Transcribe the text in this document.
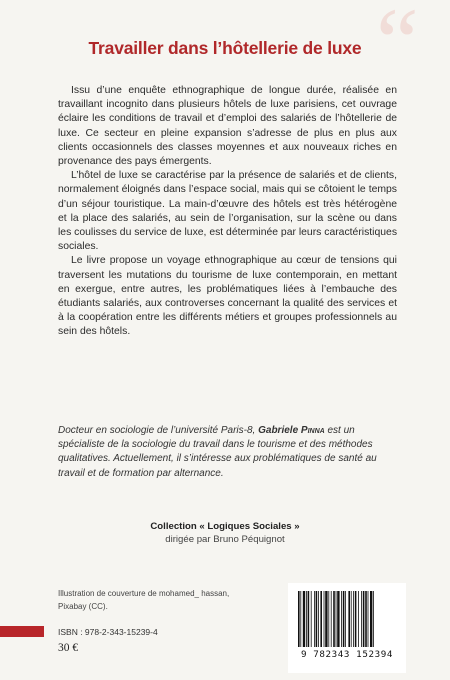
“
Travailler dans l’hôtellerie de luxe

Issu d’une enquête ethnographique de longue durée, réalisée en travaillant incognito dans plusieurs hôtels de luxe parisiens, cet ouvrage éclaire les conditions de travail et d’emploi des salariés de l’hôtellerie de luxe. Ce secteur en pleine expansion s’adresse de plus en plus aux clients occasionnels des classes moyennes et aux nouveaux riches en provenance des pays émergents.

L’hôtel de luxe se caractérise par la présence de salariés et de clients, normalement éloignés dans l’espace social, mais qui se côtoient le temps d’un séjour touristique. La main-d’œuvre des hôtels est très hétérogène et la place des salariés, au sein de l’organisation, sur la scène ou dans les coulisses du service de luxe, est déterminée par leurs caractéristiques sociales.

Le livre propose un voyage ethnographique au cœur de tensions qui traversent les mutations du tourisme de luxe contemporain, en mettant en exergue, entre autres, les problématiques liées à l’embauche des étudiants salariés, aux controverses concernant la qualité des services et à la coopération entre les différents métiers et groupes professionnels au sein des hôtels.

Docteur en sociologie de l’université Paris-8, Gabriele Pinna est un spécialiste de la sociologie du travail dans le tourisme et des méthodes qualitatives. Actuellement, il s’intéresse aux problématiques de santé au travail et de formation par alternance.
Collection « Logiques Sociales »
dirigée par Bruno Péquignot
Illustration de couverture de mohamed_ hassan, Pixabay (CC).
ISBN : 978-2-343-15239-4
30 €
9 782343 152394
